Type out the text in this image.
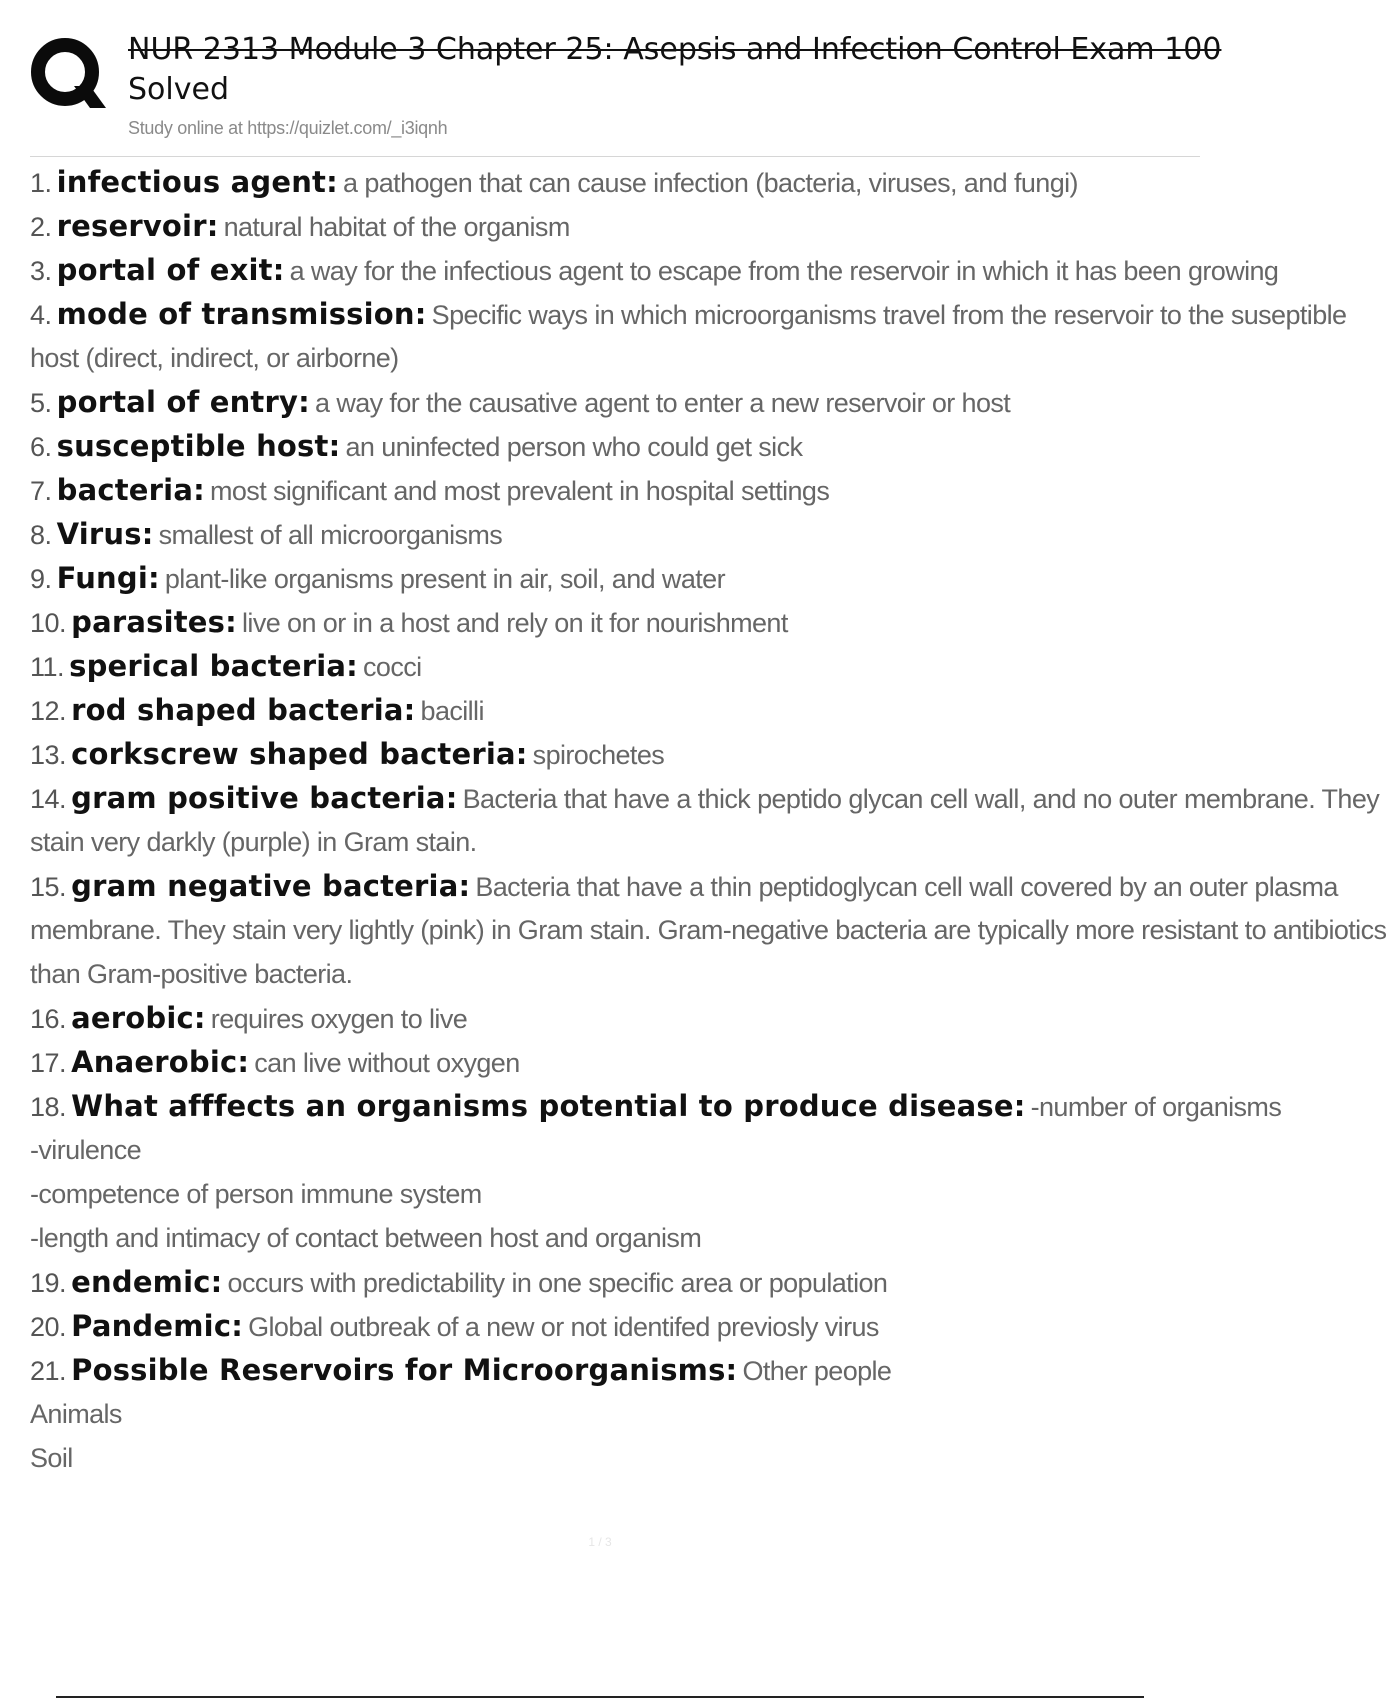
NUR 2313 Module 3 Chapter 25: Asepsis and Infection Control Exam 100
Solved
Study online at https://quizlet.com/_i3iqnh
1. infectious agent: a pathogen that can cause infection (bacteria, viruses, and fungi)
2. reservoir: natural habitat of the organism
3. portal of exit: a way for the infectious agent to escape from the reservoir in which it has been growing
4. mode of transmission: Specific ways in which microorganisms travel from the reservoir to the suseptible
host (direct, indirect, or airborne)
5. portal of entry: a way for the causative agent to enter a new reservoir or host
6. susceptible host: an uninfected person who could get sick
7. bacteria: most significant and most prevalent in hospital settings
8. Virus: smallest of all microorganisms
9. Fungi: plant-like organisms present in air, soil, and water
10. parasites: live on or in a host and rely on it for nourishment
11. sperical bacteria: cocci
12. rod shaped bacteria: bacilli
13. corkscrew shaped bacteria: spirochetes
14. gram positive bacteria: Bacteria that have a thick peptido glycan cell wall, and no outer membrane. They
stain very darkly (purple) in Gram stain.
15. gram negative bacteria: Bacteria that have a thin peptidoglycan cell wall covered by an outer plasma
membrane. They stain very lightly (pink) in Gram stain. Gram-negative bacteria are typically more resistant to antibiotics
than Gram-positive bacteria.
16. aerobic: requires oxygen to live
17. Anaerobic: can live without oxygen
18. What afffects an organisms potential to produce disease: -number of organisms
-virulence
-competence of person immune system
-length and intimacy of contact between host and organism
19. endemic: occurs with predictability in one specific area or population
20. Pandemic: Global outbreak of a new or not identifed previosly virus
21. Possible Reservoirs for Microorganisms: Other people
Animals
Soil
1 / 3
